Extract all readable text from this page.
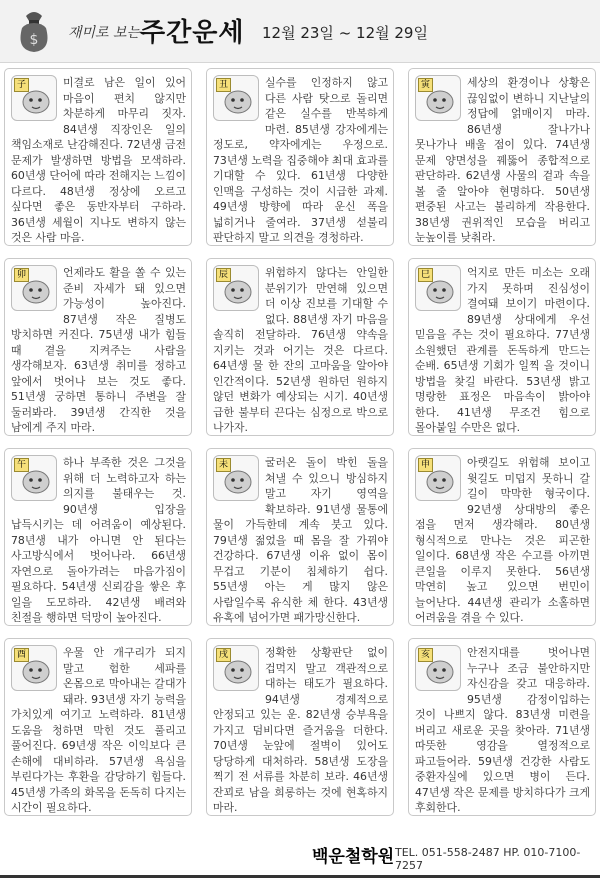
$ 재미로 보는 주간운세 12월 23일 ~ 12월 29일
미결로 남은 일이 있어 마음이 편치 않지만 차분하게 마무리 짓자. 84년생 직장인은 일의 책임소재로 난감해진다. 72년생 금전 문제가 발생하면 방법을 모색하라. 60년생 단어에 따라 전해지는 느낌이 다르다. 48년생 정상에 오르고 싶다면 좋은 동반자부터 구하라. 36년생 세월이 지나도 변하지 않는 것은 사람 마음.
子	실수를 인정하지 않고 다른 사람 탓으로 돌리면 같은 실수를 반복하게 마련. 85년생 강자에게는 정도로, 약자에게는 우정으로. 73년생 노력을 집중해야 최대 효과를 기대할 수 있다. 61년생 다양한 인맥을 구성하는 것이 시급한 과제. 49년생 방향에 따라 운신 폭을 넓히거나 줄여라. 37년생 섣불리 판단하지 말고 의견을 경청하라.
丑	세상의 환경이나 상황은 끊임없이 변하니 지난날의 정답에 얽매이지 마라. 86년생 잘나가나 못나가나 배울 점이 있다. 74년생 문제 양면성을 꿰뚫어 종합적으로 판단하라. 62년생 사물의 겉과 속을 볼 줄 알아야 현명하다. 50년생 편중된 사고는 불리하게 작용한다. 38년생 권위적인 모습을 버리고 눈높이를 낮춰라.
寅
언제라도 활을 쏠 수 있는 준비 자세가 돼 있으면 가능성이 높아진다. 87년생 작은 질병도 방치하면 커진다. 75년생 내가 힘들 때 곁을 지켜주는 사람을 생각해보자. 63년생 취미를 정하고 앞에서 벗어나 보는 것도 좋다. 51년생 궁하면 통하니 주변을 잘 둘러봐라. 39년생 간직한 것을 남에게 주지 마라.
卯	위험하지 않다는 안일한 분위기가 만연해 있으면 더 이상 진보를 기대할 수 없다. 88년생 자기 마음을 솔직히 전달하라. 76년생 약속을 지키는 것과 어기는 것은 다르다. 64년생 물 한 잔의 고마움을 알아야 인간적이다. 52년생 원하던 원하지 않던 변화가 예상되는 시기. 40년생 급한 불부터 끈다는 심정으로 박으로 나가자.
辰	억지로 만든 미소는 오래 가지 못하며 진심성이 결여돼 보이기 마련이다. 89년생 상대에게 우선 믿음을 주는 것이 필요하다. 77년생 소원했던 관계를 돈독하게 만드는 순배. 65년생 기회가 일찍 올 것이니 방법을 찾길 바란다. 53년생 밝고 명랑한 표정은 마음속이 밝아야 한다. 41년생 무조건 힘으로 몰아붙일 수만은 없다.
巳
하나 부족한 것은 그것을 위해 더 노력하고자 하는 의지를 불태우는 것. 90년생 입장을 납득시키는 데 어려움이 예상된다. 78년생 내가 아니면 안 된다는 사고방식에서 벗어나라. 66년생 자연으로 돌아가려는 마음가짐이 필요하다. 54년생 신뢰감을 쌓은 후 일을 도모하라. 42년생 배려와 친절을 행하면 덕망이 높아진다.
午	굴러온 돌이 박힌 돌을 쳐낼 수 있으니 방심하지 말고 자기 영역을 확보하라. 91년생 물통에 물이 가득한데 계속 붓고 있다. 79년생 젊었을 때 몸을 잘 가꿔야 건강하다. 67년생 이유 없이 몸이 무겁고 기분이 침체하기 쉽다. 55년생 아는 게 많지 않은 사람일수록 유식한 체 한다. 43년생 유혹에 넘어가면 패가망신한다.
未	아랫길도 위험해 보이고 윗길도 미덥지 못하니 갈 길이 막막한 형국이다. 92년생 상대방의 좋은 점을 먼저 생각해라. 80년생 형식적으로 만나는 것은 피곤한 일이다. 68년생 작은 수고를 아끼면 큰일을 이루지 못한다. 56년생 막연히 높고 있으면 번민이 늘어난다. 44년생 관리가 소홀하면 어려움을 겪을 수 있다.
申
우물 안 개구리가 되지 말고 험한 세파를 온몸으로 막아내는 갈대가 돼라. 93년생 자기 능력을 가치있게 여기고 노력하라. 81년생 도움을 청하면 막힌 것도 풀리고 풀어진다. 69년생 작은 이익보다 큰 손해에 대비하라. 57년생 욕심을 부린다가는 후환을 감당하기 힘들다. 45년생 가족의 화목을 돈독히 다지는 시간이 필요하다.
酉	정확한 상황판단 없이 겁먹지 말고 객관적으로 대하는 태도가 필요하다. 94년생 경제적으로 안정되고 있는 운. 82년생 승부욕을 가지고 덤비다면 즐거움을 더한다. 70년생 눈앞에 절벽이 있어도 당당하게 대처하라. 58년생 도장을 찍기 전 서류를 차분히 보라. 46년생 잔꾀로 남을 희롱하는 것에 현혹하지 마라.
戌	안전지대를 벗어나면 누구나 조금 불안하지만 자신감을 갖고 대응하라. 95년생 감정이입하는 것이 나쁘지 않다. 83년생 미련을 버리고 새로운 곳을 찾아라. 71년생 따뜻한 영감을 열정적으로 파고들어라. 59년생 건강한 사람도 중환자실에 있으면 병이 든다. 47년생 작은 문제를 방치하다가 크게 후회한다.
亥
백운철학원 TEL. 051-558-2487 HP. 010-7100-7257
